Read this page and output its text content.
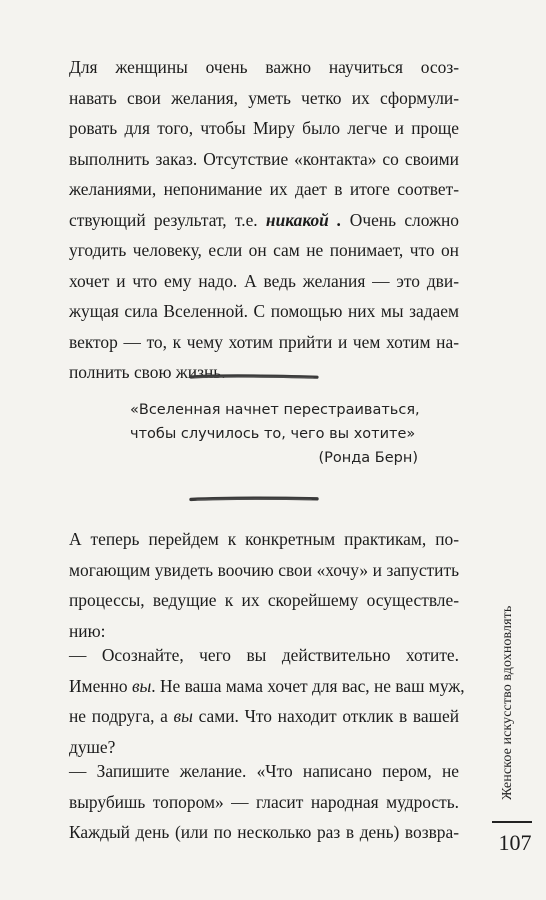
Для женщины очень важно научиться осоз-
навать свои желания, уметь четко их сформули-
ровать для того, чтобы Миру было легче и проще
выполнить заказ. Отсутствие «контакта» со своими
желаниями, непонимание их дает в итоге соответ-
ствующий результат, т.е. никакой . Очень сложно
угодить человеку, если он сам не понимает, что он
хочет и что ему надо. А ведь желания — это дви-
жущая сила Вселенной. С помощью них мы задаем
вектор — то, к чему хотим прийти и чем хотим на-
полнить свою жизнь.
«Вселенная начнет перестраиваться,
чтобы случилось то, чего вы хотите»
(Ронда Берн)
А теперь перейдем к конкретным практикам, по-
могающим увидеть воочию свои «хочу» и запустить
процессы, ведущие к их скорейшему осуществле-
нию:
— Осознайте, чего вы действительно хотите.
Именно вы. Не ваша мама хочет для вас, не ваш муж,
не подруга, а вы сами. Что находит отклик в вашей
душе?
— Запишите желание. «Что написано пером, не
вырубишь топором» — гласит народная мудрость.
Каждый день (или по несколько раз в день) возвра-
Женское искусство вдохновлять
107
